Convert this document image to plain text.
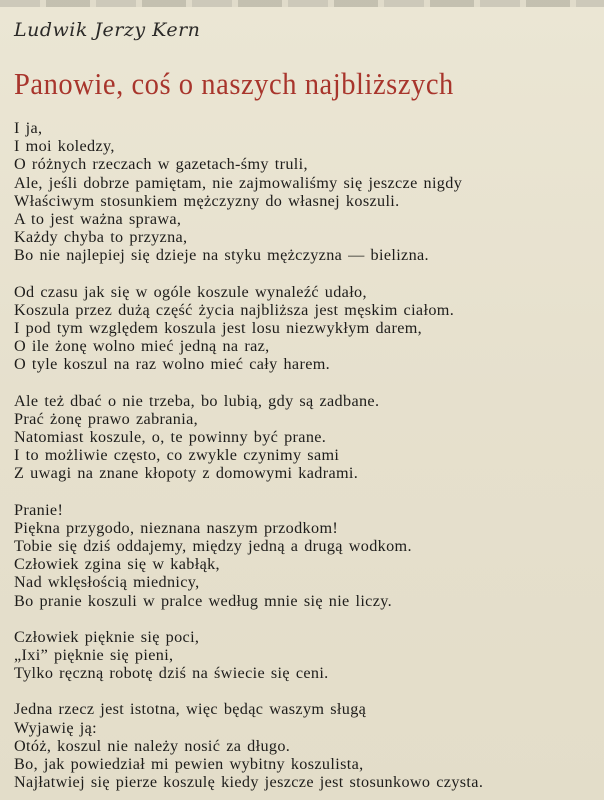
Ludwik Jerzy Kern
Panowie, coś o naszych najbliższych
I ja,
I moi koledzy,
O różnych rzeczach w gazetach-śmy truli,
Ale, jeśli dobrze pamiętam, nie zajmowaliśmy się jeszcze nigdy
Właściwym stosunkiem mężczyzny do własnej koszuli.
A to jest ważna sprawa,
Każdy chyba to przyzna,
Bo nie najlepiej się dzieje na styku mężczyzna — bielizna.
Od czasu jak się w ogóle koszule wynaleźć udało,
Koszula przez dużą część życia najbliższa jest męskim ciałom.
I pod tym względem koszula jest losu niezwykłym darem,
O ile żonę wolno mieć jedną na raz,
O tyle koszul na raz wolno mieć cały harem.
Ale też dbać o nie trzeba, bo lubią, gdy są zadbane.
Prać żonę prawo zabrania,
Natomiast koszule, o, te powinny być prane.
I to możliwie często, co zwykle czynimy sami
Z uwagi na znane kłopoty z domowymi kadrami.
Pranie!
Piękna przygodo, nieznana naszym przodkom!
Tobie się dziś oddajemy, między jedną a drugą wodkom.
Człowiek zgina się w kabłąk,
Nad wklęsłością miednicy,
Bo pranie koszuli w pralce według mnie się nie liczy.
Człowiek pięknie się poci,
„Ixi” pięknie się pieni,
Tylko ręczną robotę dziś na świecie się ceni.
Jedna rzecz jest istotna, więc będąc waszym sługą
Wyjawię ją:
Otóż, koszul nie należy nosić za długo.
Bo, jak powiedział mi pewien wybitny koszulista,
Najłatwiej się pierze koszulę kiedy jeszcze jest stosunkowo czysta.
